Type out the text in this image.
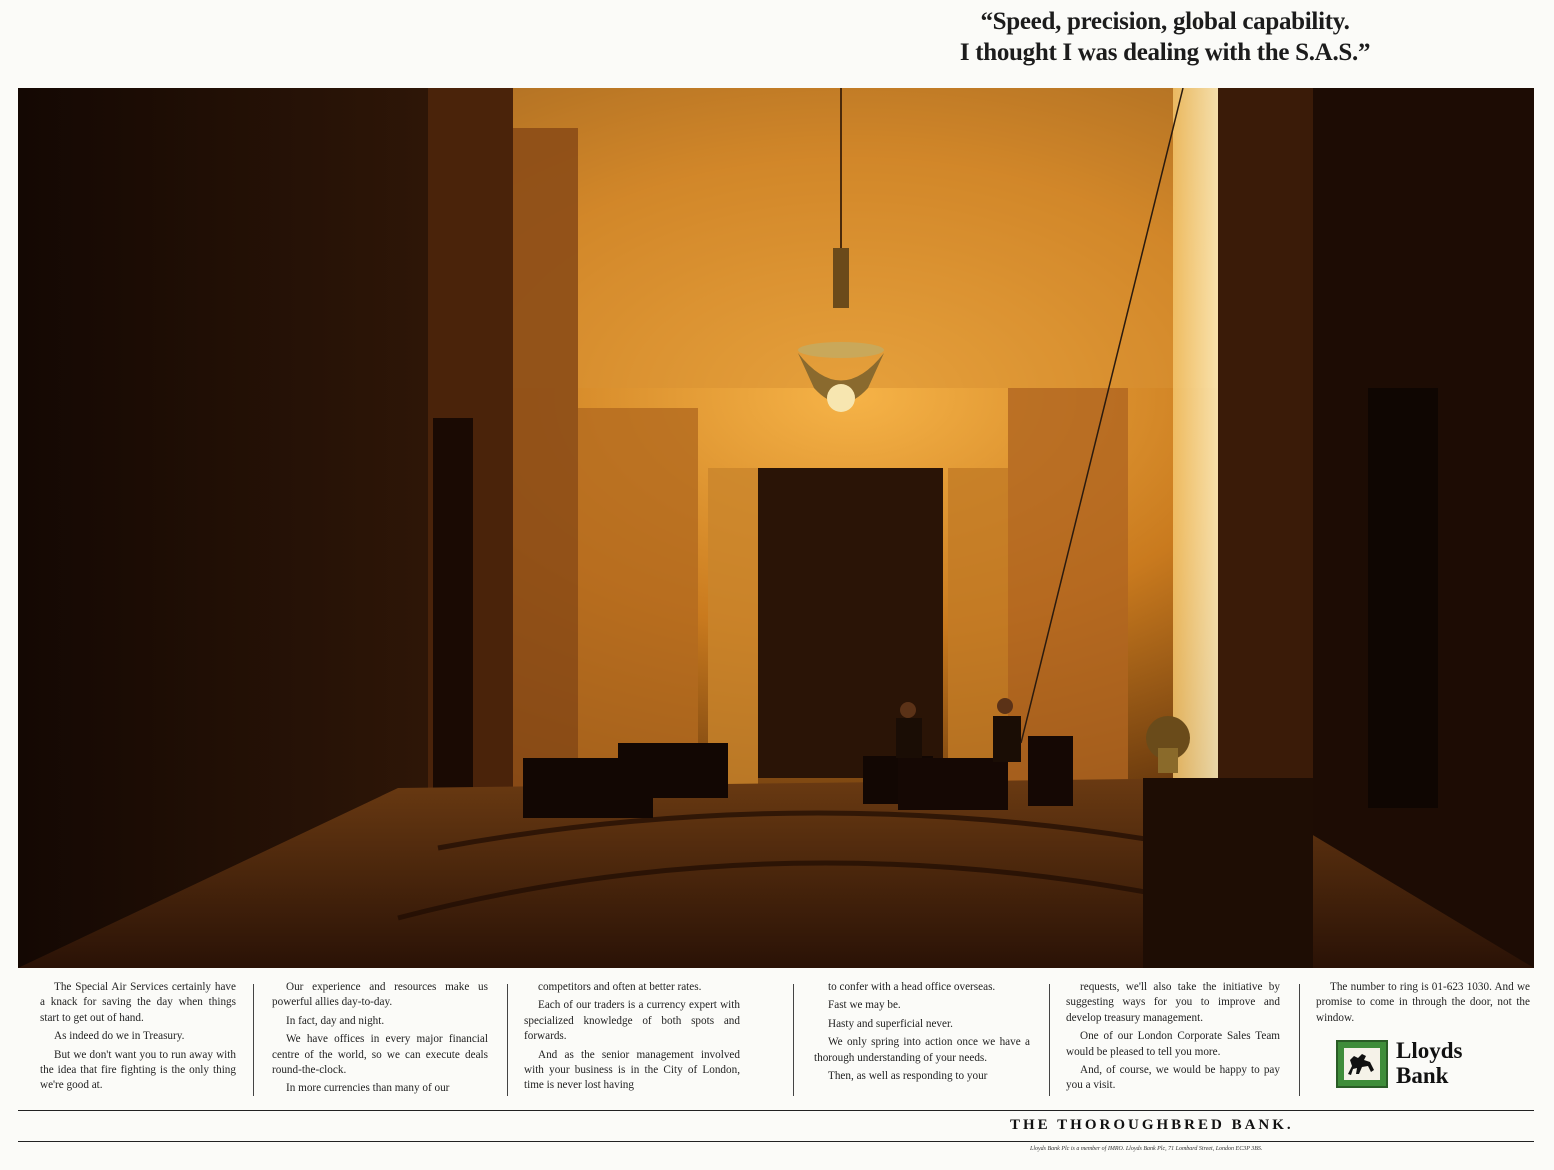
“Speed, precision, global capability.
I thought I was dealing with the S.A.S.”

The Special Air Services certainly have a knack for saving the day when things start to get out of hand.

As indeed do we in Treasury.

But we don't want you to run away with the idea that fire fighting is the only thing we're good at.

Our experience and resources make us powerful allies day-to-day.

In fact, day and night.

We have offices in every major financial centre of the world, so we can execute deals round-the-clock.

In more currencies than many of our

competitors and often at better rates.

Each of our traders is a currency expert with specialized knowledge of both spots and forwards.

And as the senior management involved with your business is in the City of London, time is never lost having

to confer with a head office overseas.

Fast we may be.

Hasty and superficial never.

We only spring into action once we have a thorough understanding of your needs.

Then, as well as responding to your

requests, we'll also take the initiative by suggesting ways for you to improve and develop treasury management.

One of our London Corporate Sales Team would be pleased to tell you more.

And, of course, we would be happy to pay you a visit.

The number to ring is 01-623 1030. And we promise to come in through the door, not the window.

Lloyds
Bank
THE THOROUGHBRED BANK.
Lloyds Bank Plc is a member of IMRO. Lloyds Bank Plc, 71 Lombard Street, London EC3P 3BS.
